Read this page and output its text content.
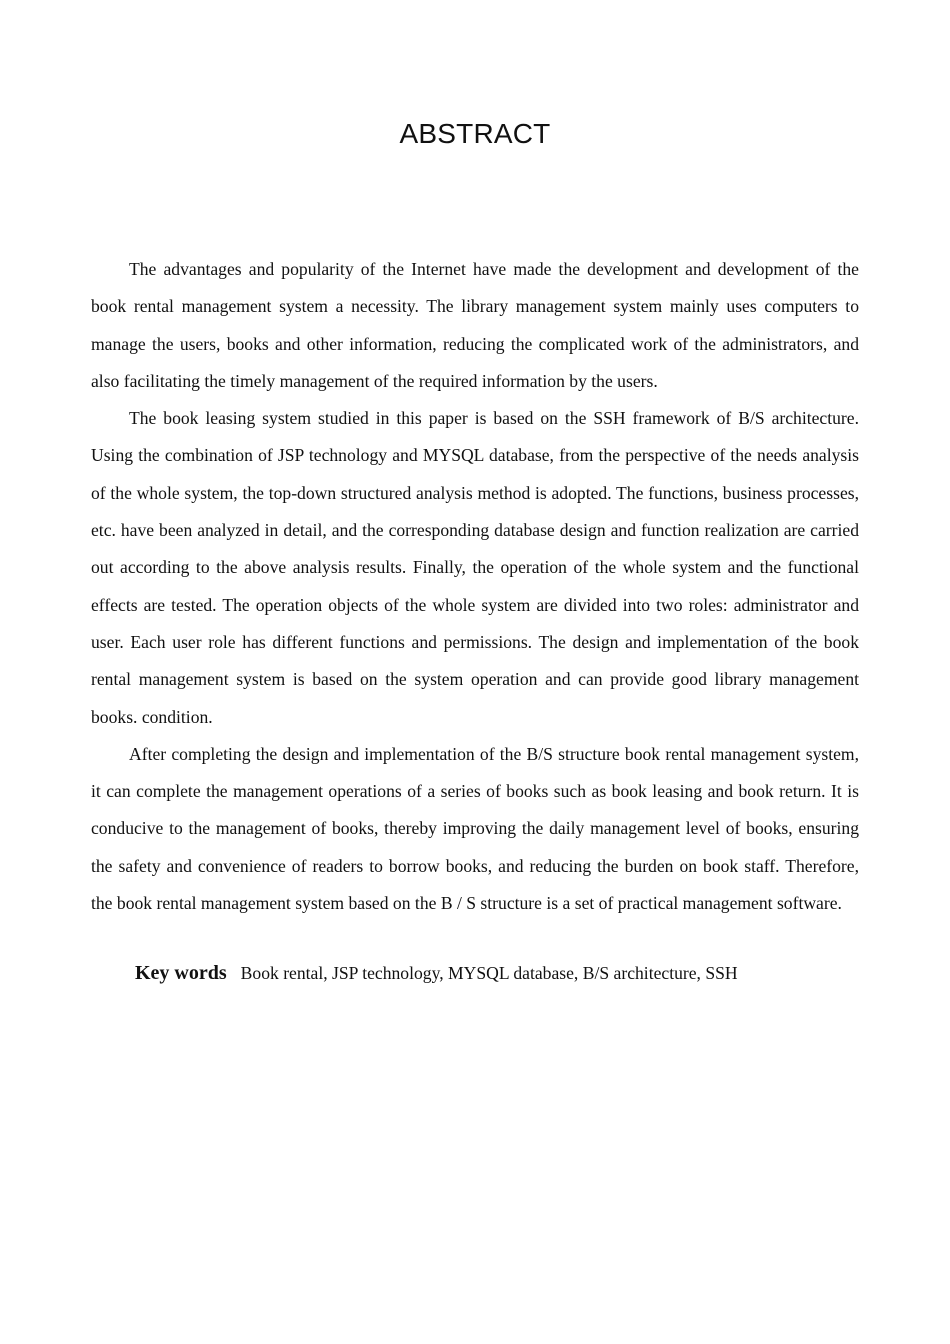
ABSTRACT

The advantages and popularity of the Internet have made the development and development of the book rental management system a necessity. The library management system mainly uses computers to manage the users, books and other information, reducing the complicated work of the administrators, and also facilitating the timely management of the required information by the users.

The book leasing system studied in this paper is based on the SSH framework of B/S architecture. Using the combination of JSP technology and MYSQL database, from the perspective of the needs analysis of the whole system, the top-down structured analysis method is adopted. The functions, business processes, etc. have been analyzed in detail, and the corresponding database design and function realization are carried out according to the above analysis results. Finally, the operation of the whole system and the functional effects are tested. The operation objects of the whole system are divided into two roles: administrator and user. Each user role has different functions and permissions. The design and implementation of the book rental management system is based on the system operation and can provide good library management books. condition.

After completing the design and implementation of the B/S structure book rental management system, it can complete the management operations of a series of books such as book leasing and book return. It is conducive to the management of books, thereby improving the daily management level of books, ensuring the safety and convenience of readers to borrow books, and reducing the burden on book staff. Therefore, the book rental management system based on the B / S structure is a set of practical management software.

Key words Book rental, JSP technology, MYSQL database, B/S architecture, SSH
